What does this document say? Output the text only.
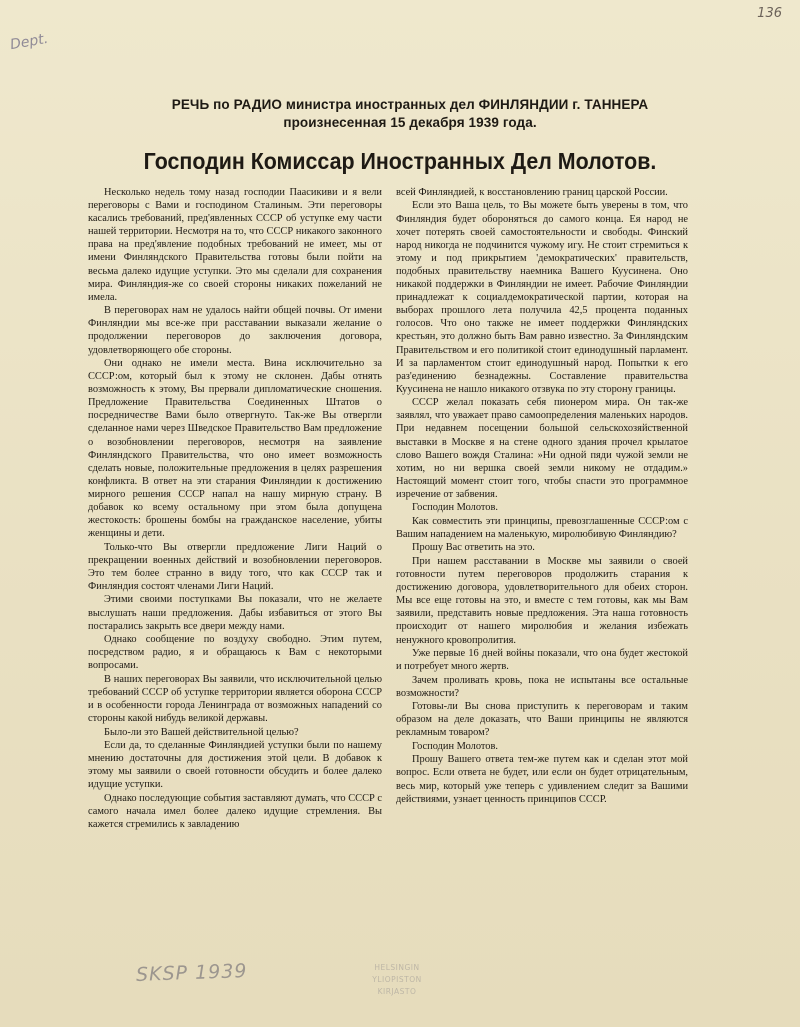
136
Dept.
РЕЧЬ по РАДИО министра иностранных дел ФИНЛЯНДИИ г. ТАННЕРА
произнесенная 15 декабря 1939 года.
Господин Комиссар Иностранных Дел Молотов.

Несколько недель тому назад господии Паасикиви и я вели переговоры с Вами и господином Сталиным. Эти переговоры касались требований, пред'явленных СССР об уступке ему части нашей территории. Несмотря на то, что СССР никакого законного права на пред'явление подобных требований не имеет, мы от имени Финляндского Правительства готовы были пойти на весьма далеко идущие уступки. Это мы сделали для сохранения мира. Финляндия-же со своей стороны никаких пожеланий не имела.

В переговорах нам не удалось найти общей почвы. От имени Финляндии мы все-же при расставании выказали желание о продолжении переговоров до заключения договора, удовлетворяющего обе стороны.

Они однако не имели места. Вина исключительно за СССР:ом, который был к этому не склонен. Дабы отнять возможность к этому, Вы прервали дипломатические сношения. Предложение Правительства Соединенных Штатов о посредничестве Вами было отвергнуто. Так-же Вы отвергли сделанное нами через Шведское Правительство Вам предложение о возобновлении переговоров, несмотря на заявление Финляндского Правительства, что оно имеет возможность сделать новые, положительные предложения в целях разрешения конфликта. В ответ на эти старания Финляндии к достижению мирного решения СССР напал на нашу мирную страну. В добавок ко всему остальному при этом была допущена жестокость: брошены бомбы на гражданское население, убиты женщины и дети.

Только-что Вы отвергли предложение Лиги Наций о прекращении военных действий и возобновлении переговоров. Это тем более странно в виду того, что как СССР так и Финляндия состоят членами Лиги Наций.

Этими своими поступками Вы показали, что не желаете выслушать наши предложения. Дабы избавиться от этого Вы постарались закрыть все двери между нами.

Однако сообщение по воздуху свободно. Этим путем, посредством радио, я и обращаюсь к Вам с некоторыми вопросами.

В наших переговорах Вы заявили, что исключительной целью требований СССР об уступке территории является оборона СССР и в особенности города Ленинграда от возможных нападений со стороны какой нибудь великой державы.

Было-ли это Вашей действительной целью?

Если да, то сделанные Финляндией уступки были по нашему мнению достаточны для достижения этой цели. В добавок к этому мы заявили о своей готовности обсудить и более далеко идущие уступки.

Однако последующие события заставляют думать, что СССР с самого начала имел более далеко идущие стремления. Вы кажется стремились к завладению

всей Финляндией, к восстановлению границ царской России.

Если это Ваша цель, то Вы можете быть уверены в том, что Финляндия будет обороняться до самого конца. Ея народ не хочет потерять своей самостоятельности и свободы. Финский народ никогда не подчинится чужому игу. Не стоит стремиться к этому и под прикрытием 'демократических' правительств, подобных правительству наемника Вашего Куусинена. Оно никакой поддержки в Финляндии не имеет. Рабочие Финляндии принадлежат к социалдемократической партии, которая на выборах прошлого лета получила 42,5 процента поданных голосов. Что оно также не имеет поддержки Финляндских крестьян, это должно быть Вам равно известно. За Финляндским Правительством и его политикой стоит единодушный парламент. И за парламентом стоит единодушный народ. Попытки к его раз'единению безнадежны. Составление правительства Куусинена не нашло никакого отзвука по эту сторону границы.

СССР желал показать себя пионером мира. Он так-же заявлял, что уважает право самоопределения маленьких народов. При недавнем посещении большой сельскохозяйственной выставки в Москве я на стене одного здания прочел крылатое слово Вашего вождя Сталина: »Ни одной пяди чужой земли не хотим, но ни вершка своей земли никому не отдадим.» Настоящий момент стоит того, чтобы спасти это программное изречение от забвения.

Господин Молотов.

Как совместить эти принципы, превозглашенные СССР:ом с Вашим нападением на маленькую, миролюбивую Финляндию?

Прошу Вас ответить на это.

При нашем расставании в Москве мы заявили о своей готовности путем переговоров продолжить старания к достижению договора, удовлетворительного для обеих сторон. Мы все еще готовы на это, и вместе с тем готовы, как мы Вам заявили, представить новые предложения. Эта наша готовность происходит от нашего миролюбия и желания избежать ненужного кровопролития.

Уже первые 16 дней войны показали, что она будет жестокой и потребует много жертв.

Зачем проливать кровь, пока не испытаны все остальные возможности?

Готовы-ли Вы снова приступить к переговорам и таким образом на деле доказать, что Ваши принципы не являются рекламным товаром?

Господин Молотов.

Прошу Вашего ответа тем-же путем как и сделан этот мой вопрос. Если ответа не будет, или если он будет отрицательным, весь мир, который уже теперь с удивлением следит за Вашими действиями, узнает ценность принципов СССР.

SKSP 1939	HELSINGIN
YLIOPISTON
KIRJASTO
